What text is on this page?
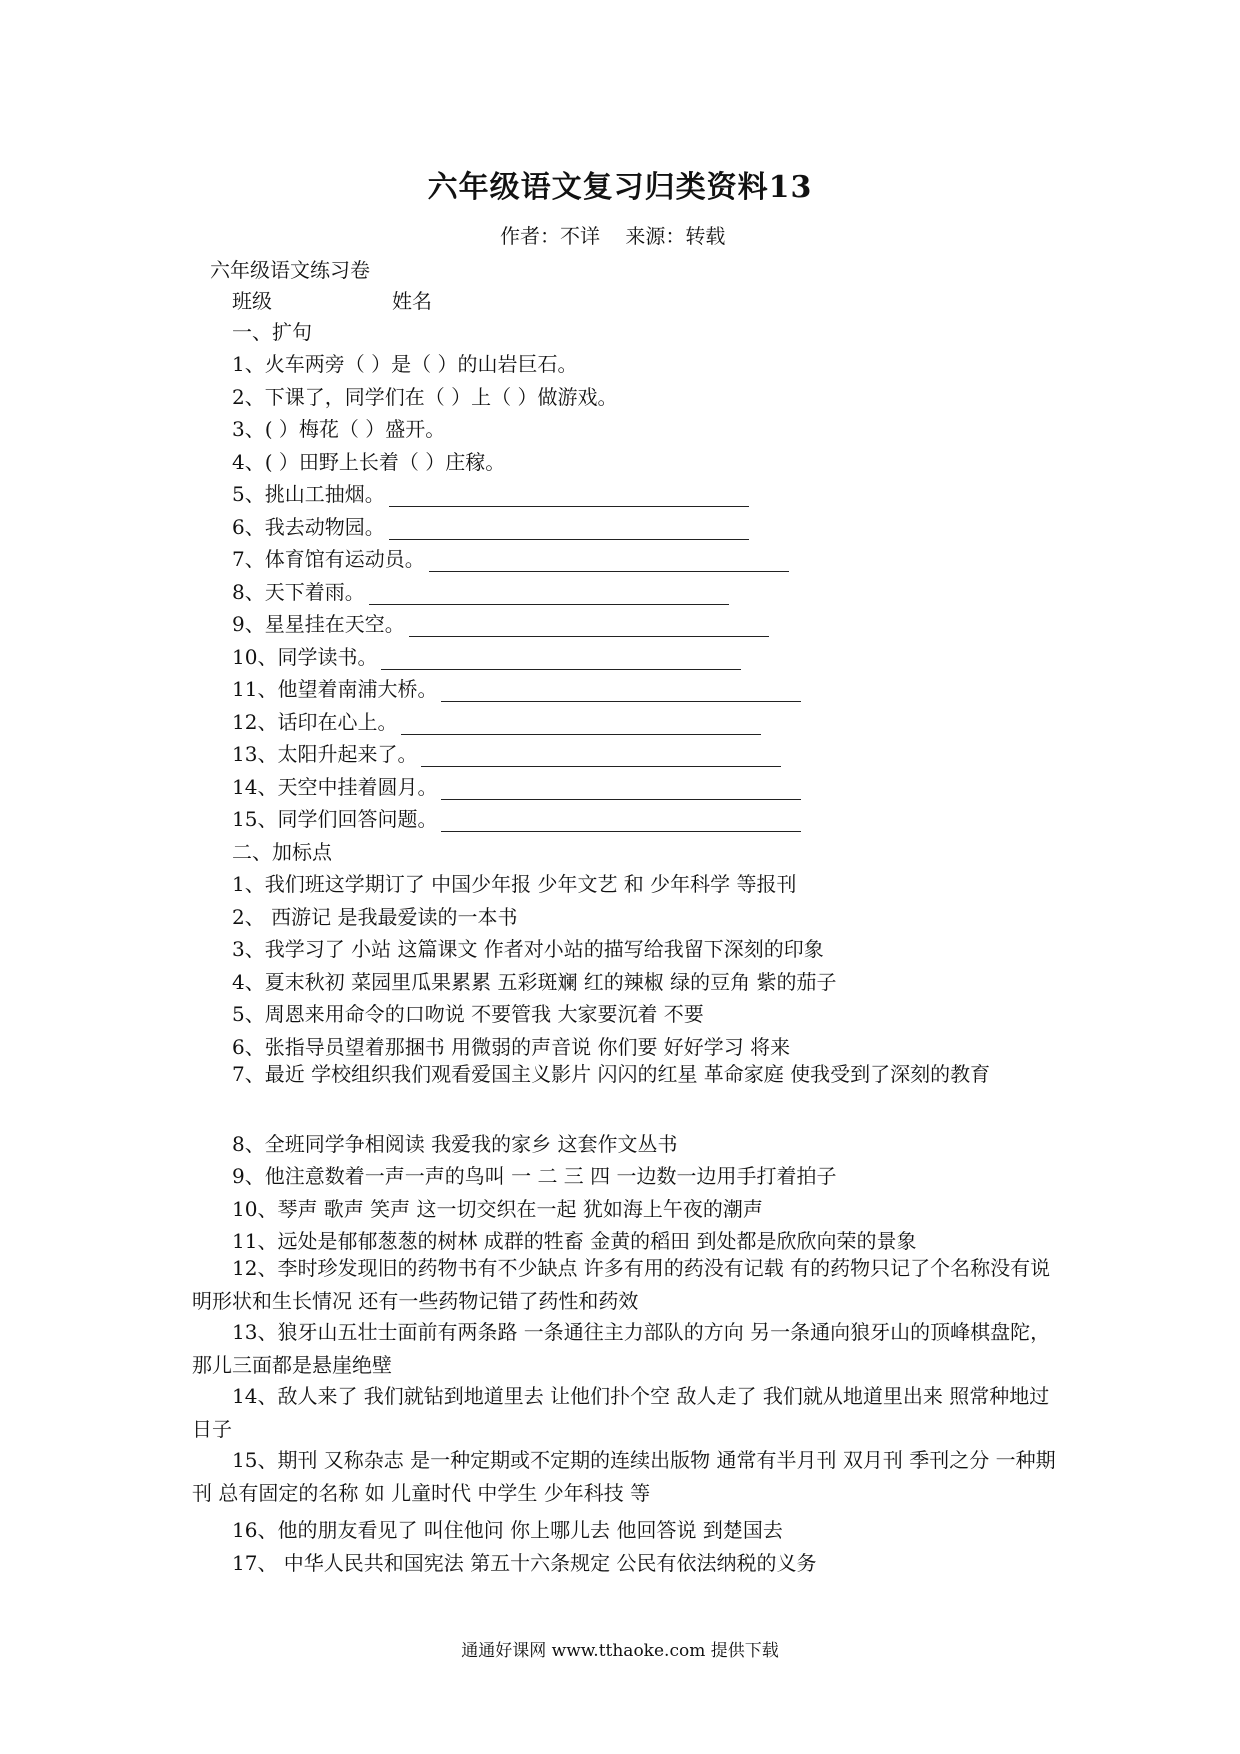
六年级语文复习归类资料13
作者：不详    来源：转载
六年级语文练习卷
班级	姓名
一、扩句
1、火车两旁（ ）是（ ）的山岩巨石。
2、下课了，同学们在（ ）上（ ）做游戏。
3、( ）梅花（ ）盛开。
4、( ）田野上长着（ ）庄稼。
5、挑山工抽烟。
6、我去动物园。
7、体育馆有运动员。
8、天下着雨。
9、星星挂在天空。
10、同学读书。
11、他望着南浦大桥。
12、话印在心上。
13、太阳升起来了。
14、天空中挂着圆月。
15、同学们回答问题。
二、加标点
1、我们班这学期订了 中国少年报 少年文艺 和 少年科学 等报刊
2、 西游记 是我最爱读的一本书
3、我学习了 小站 这篇课文 作者对小站的描写给我留下深刻的印象
4、夏末秋初 菜园里瓜果累累 五彩斑斓 红的辣椒 绿的豆角 紫的茄子
5、周恩来用命令的口吻说 不要管我 大家要沉着 不要
6、张指导员望着那捆书 用微弱的声音说 你们要 好好学习 将来
7、最近 学校组织我们观看爱国主义影片 闪闪的红星 革命家庭 使我受到了深刻的教育
8、全班同学争相阅读 我爱我的家乡 这套作文丛书
9、他注意数着一声一声的鸟叫 一 二 三 四 一边数一边用手打着拍子
10、琴声 歌声 笑声 这一切交织在一起 犹如海上午夜的潮声
11、远处是郁郁葱葱的树林 成群的牲畜 金黄的稻田 到处都是欣欣向荣的景象
12、李时珍发现旧的药物书有不少缺点 许多有用的药没有记载 有的药物只记了个名称没有说明形状和生长情况 还有一些药物记错了药性和药效
13、狼牙山五壮士面前有两条路 一条通往主力部队的方向 另一条通向狼牙山的顶峰棋盘陀，那儿三面都是悬崖绝壁
14、敌人来了 我们就钻到地道里去 让他们扑个空 敌人走了 我们就从地道里出来 照常种地过日子
15、期刊 又称杂志 是一种定期或不定期的连续出版物 通常有半月刊 双月刊 季刊之分 一种期刊 总有固定的名称 如 儿童时代 中学生 少年科技 等
16、他的朋友看见了 叫住他问 你上哪儿去 他回答说 到楚国去
17、 中华人民共和国宪法 第五十六条规定 公民有依法纳税的义务
通通好课网 www.tthaoke.com 提供下载
